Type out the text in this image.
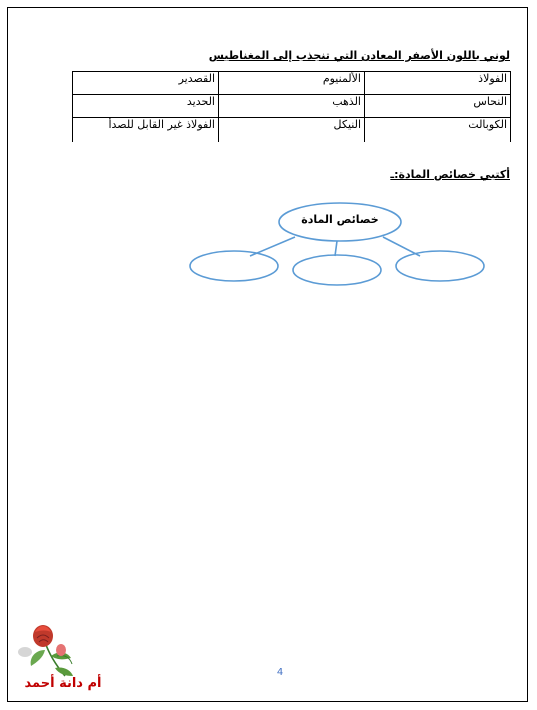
لوني باللون الأصفر المعادن التي تنجذب إلى المغناطيس
الفولاذ	الألمنيوم	القصدير
النحاس	الذهب	الحديد
الكوبالت	النيكل	الفولاذ غير القابل للصدأ
أكتبي خصائص المادة:ـ
خصائص المادة
4
أم دانة أحمد
